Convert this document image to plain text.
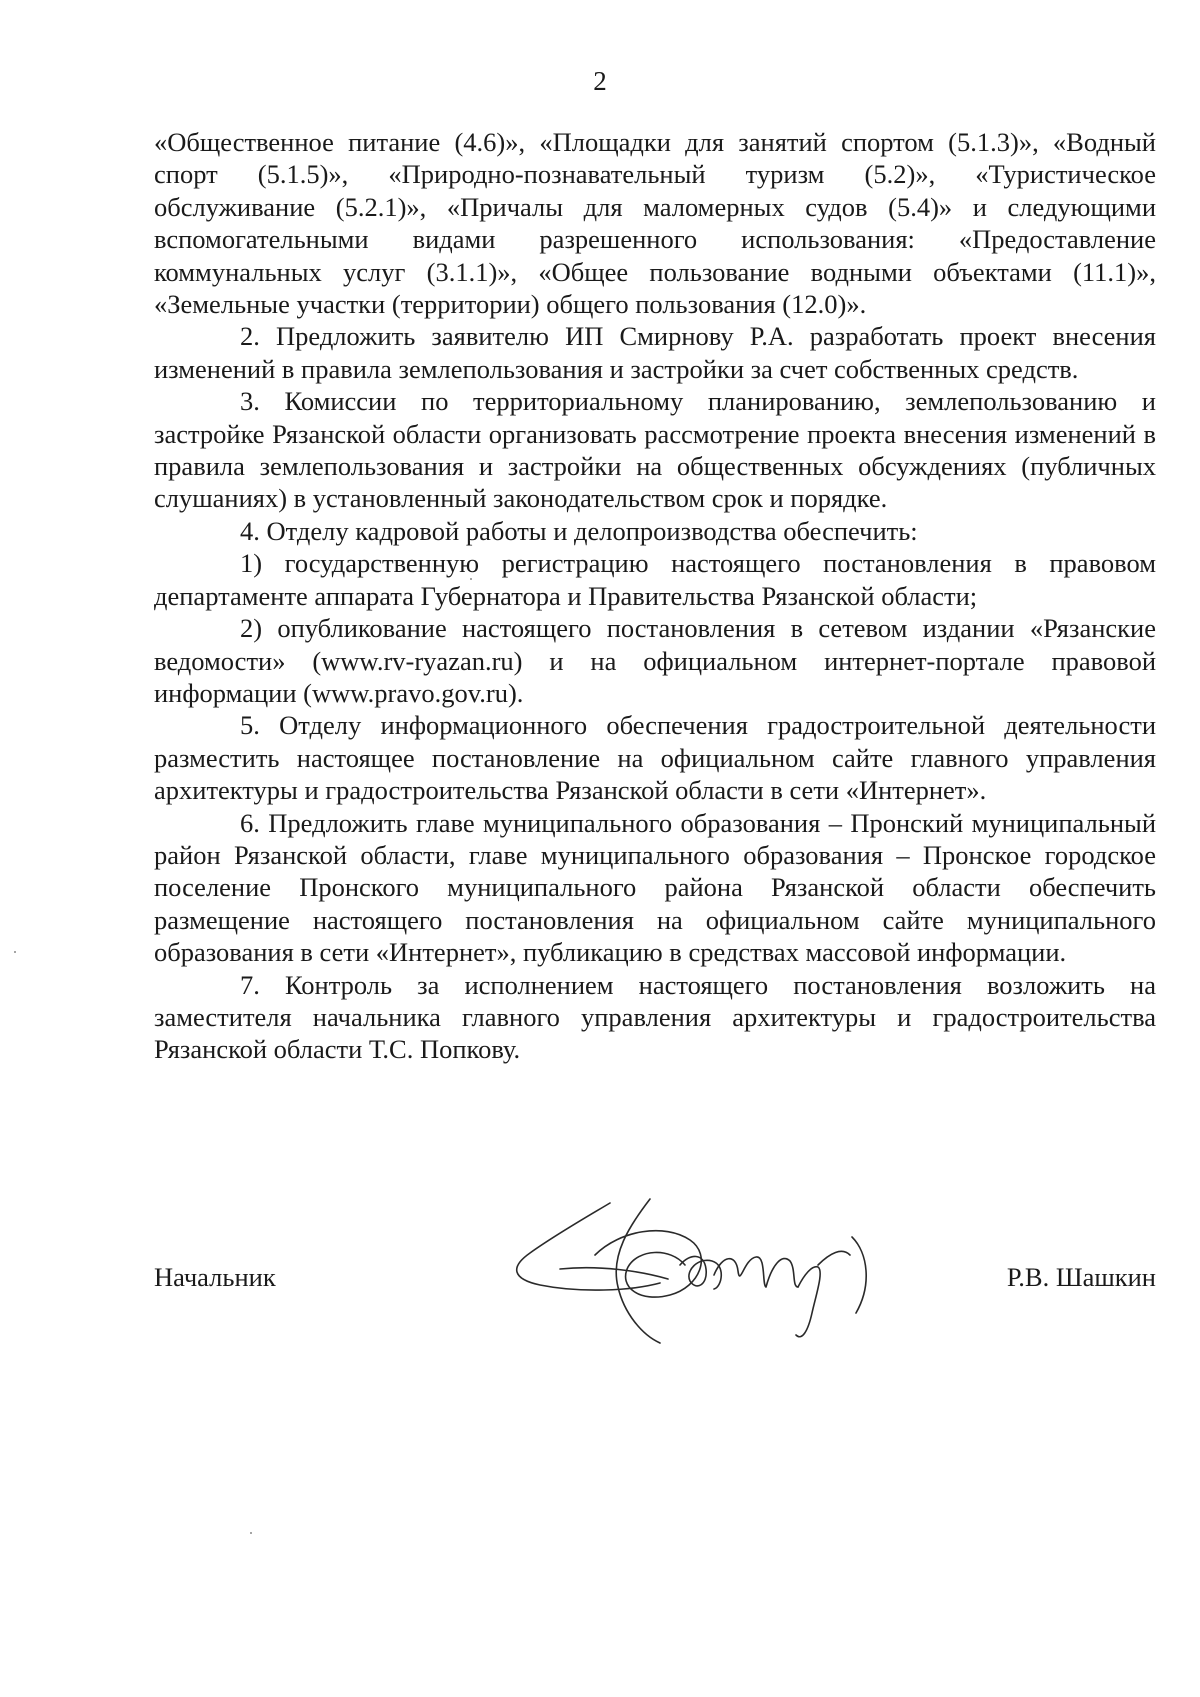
2

«Общественное питание (4.6)», «Площадки для занятий спортом (5.1.3)», «Водный спорт (5.1.5)», «Природно-познавательный туризм (5.2)», «Туристическое обслуживание (5.2.1)», «Причалы для маломерных судов (5.4)» и следующими вспомогательными видами разрешенного использования: «Предоставление коммунальных услуг (3.1.1)», «Общее пользование водными объектами (11.1)», «Земельные участки (территории) общего пользования (12.0)».

2. Предложить заявителю ИП Смирнову Р.А. разработать проект внесения изменений в правила землепользования и застройки за счет собственных средств.

3. Комиссии по территориальному планированию, землепользованию и застройке Рязанской области организовать рассмотрение проекта внесения изменений в правила землепользования и застройки на общественных обсуждениях (публичных слушаниях) в установленный законодательством срок и порядке.

4. Отделу кадровой работы и делопроизводства обеспечить:

1) государственную регистрацию настоящего постановления в правовом департаменте аппарата Губернатора и Правительства Рязанской области;

2) опубликование настоящего постановления в сетевом издании «Рязанские ведомости» (www.rv-ryazan.ru) и на официальном интернет-портале правовой информации (www.pravo.gov.ru).

5. Отделу информационного обеспечения градостроительной деятельности разместить настоящее постановление на официальном сайте главного управления архитектуры и градостроительства Рязанской области в сети «Интернет».

6. Предложить главе муниципального образования – Пронский муниципальный район Рязанской области, главе муниципального образования – Пронское городское поселение Пронского муниципального района Рязанской области обеспечить размещение настоящего постановления на официальном сайте муниципального образования в сети «Интернет», публикацию в средствах массовой информации.

7. Контроль за исполнением настоящего постановления возложить на заместителя начальника главного управления архитектуры и градостроительства Рязанской области Т.С. Попкову.

Начальник	Р.В. Шашкин
